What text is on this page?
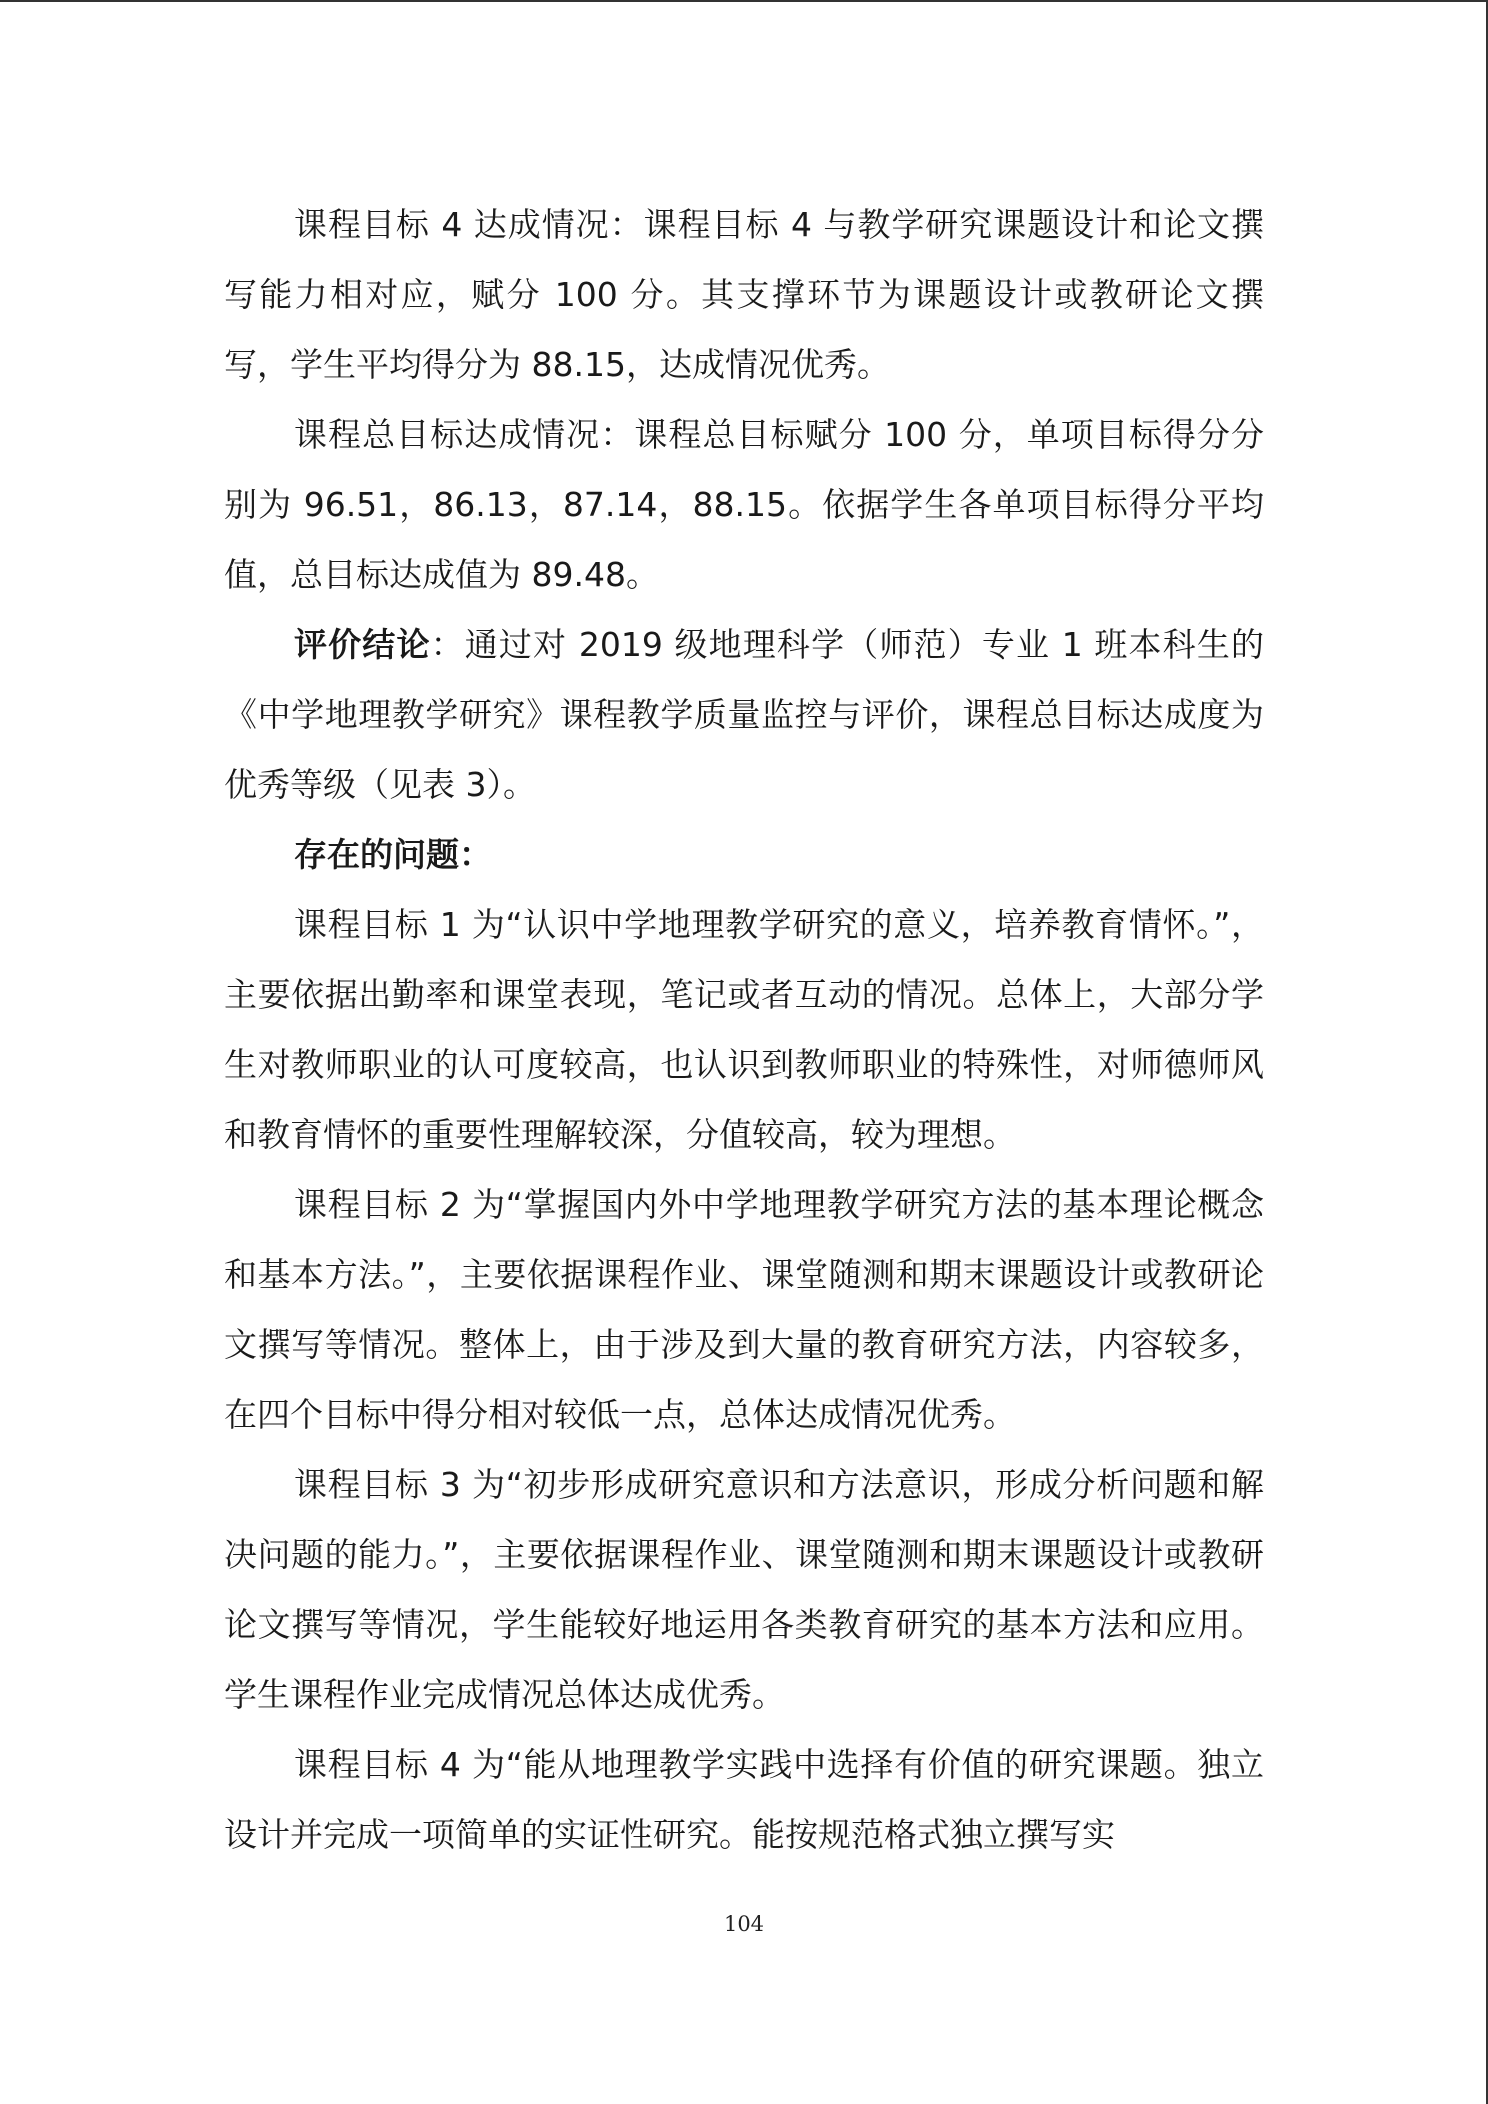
课程目标 4 达成情况：课程目标 4 与教学研究课题设计和论文撰写能力相对应，赋分 100 分。其支撑环节为课题设计或教研论文撰写，学生平均得分为 88.15，达成情况优秀。

课程总目标达成情况：课程总目标赋分 100 分，单项目标得分分别为 96.51，86.13，87.14，88.15。依据学生各单项目标得分平均值，总目标达成值为 89.48。

评价结论：通过对 2019 级地理科学（师范）专业 1 班本科生的《中学地理教学研究》课程教学质量监控与评价，课程总目标达成度为优秀等级（见表 3）。

存在的问题：

课程目标 1 为“认识中学地理教学研究的意义，培养教育情怀。”，主要依据出勤率和课堂表现，笔记或者互动的情况。总体上，大部分学生对教师职业的认可度较高，也认识到教师职业的特殊性，对师德师风和教育情怀的重要性理解较深，分值较高，较为理想。

课程目标 2 为“掌握国内外中学地理教学研究方法的基本理论概念和基本方法。”，主要依据课程作业、课堂随测和期末课题设计或教研论文撰写等情况。整体上，由于涉及到大量的教育研究方法，内容较多，在四个目标中得分相对较低一点，总体达成情况优秀。

课程目标 3 为“初步形成研究意识和方法意识，形成分析问题和解决问题的能力。”，主要依据课程作业、课堂随测和期末课题设计或教研论文撰写等情况，学生能较好地运用各类教育研究的基本方法和应用。学生课程作业完成情况总体达成优秀。

课程目标 4 为“能从地理教学实践中选择有价值的研究课题。独立设计并完成一项简单的实证性研究。能按规范格式独立撰写实

104
